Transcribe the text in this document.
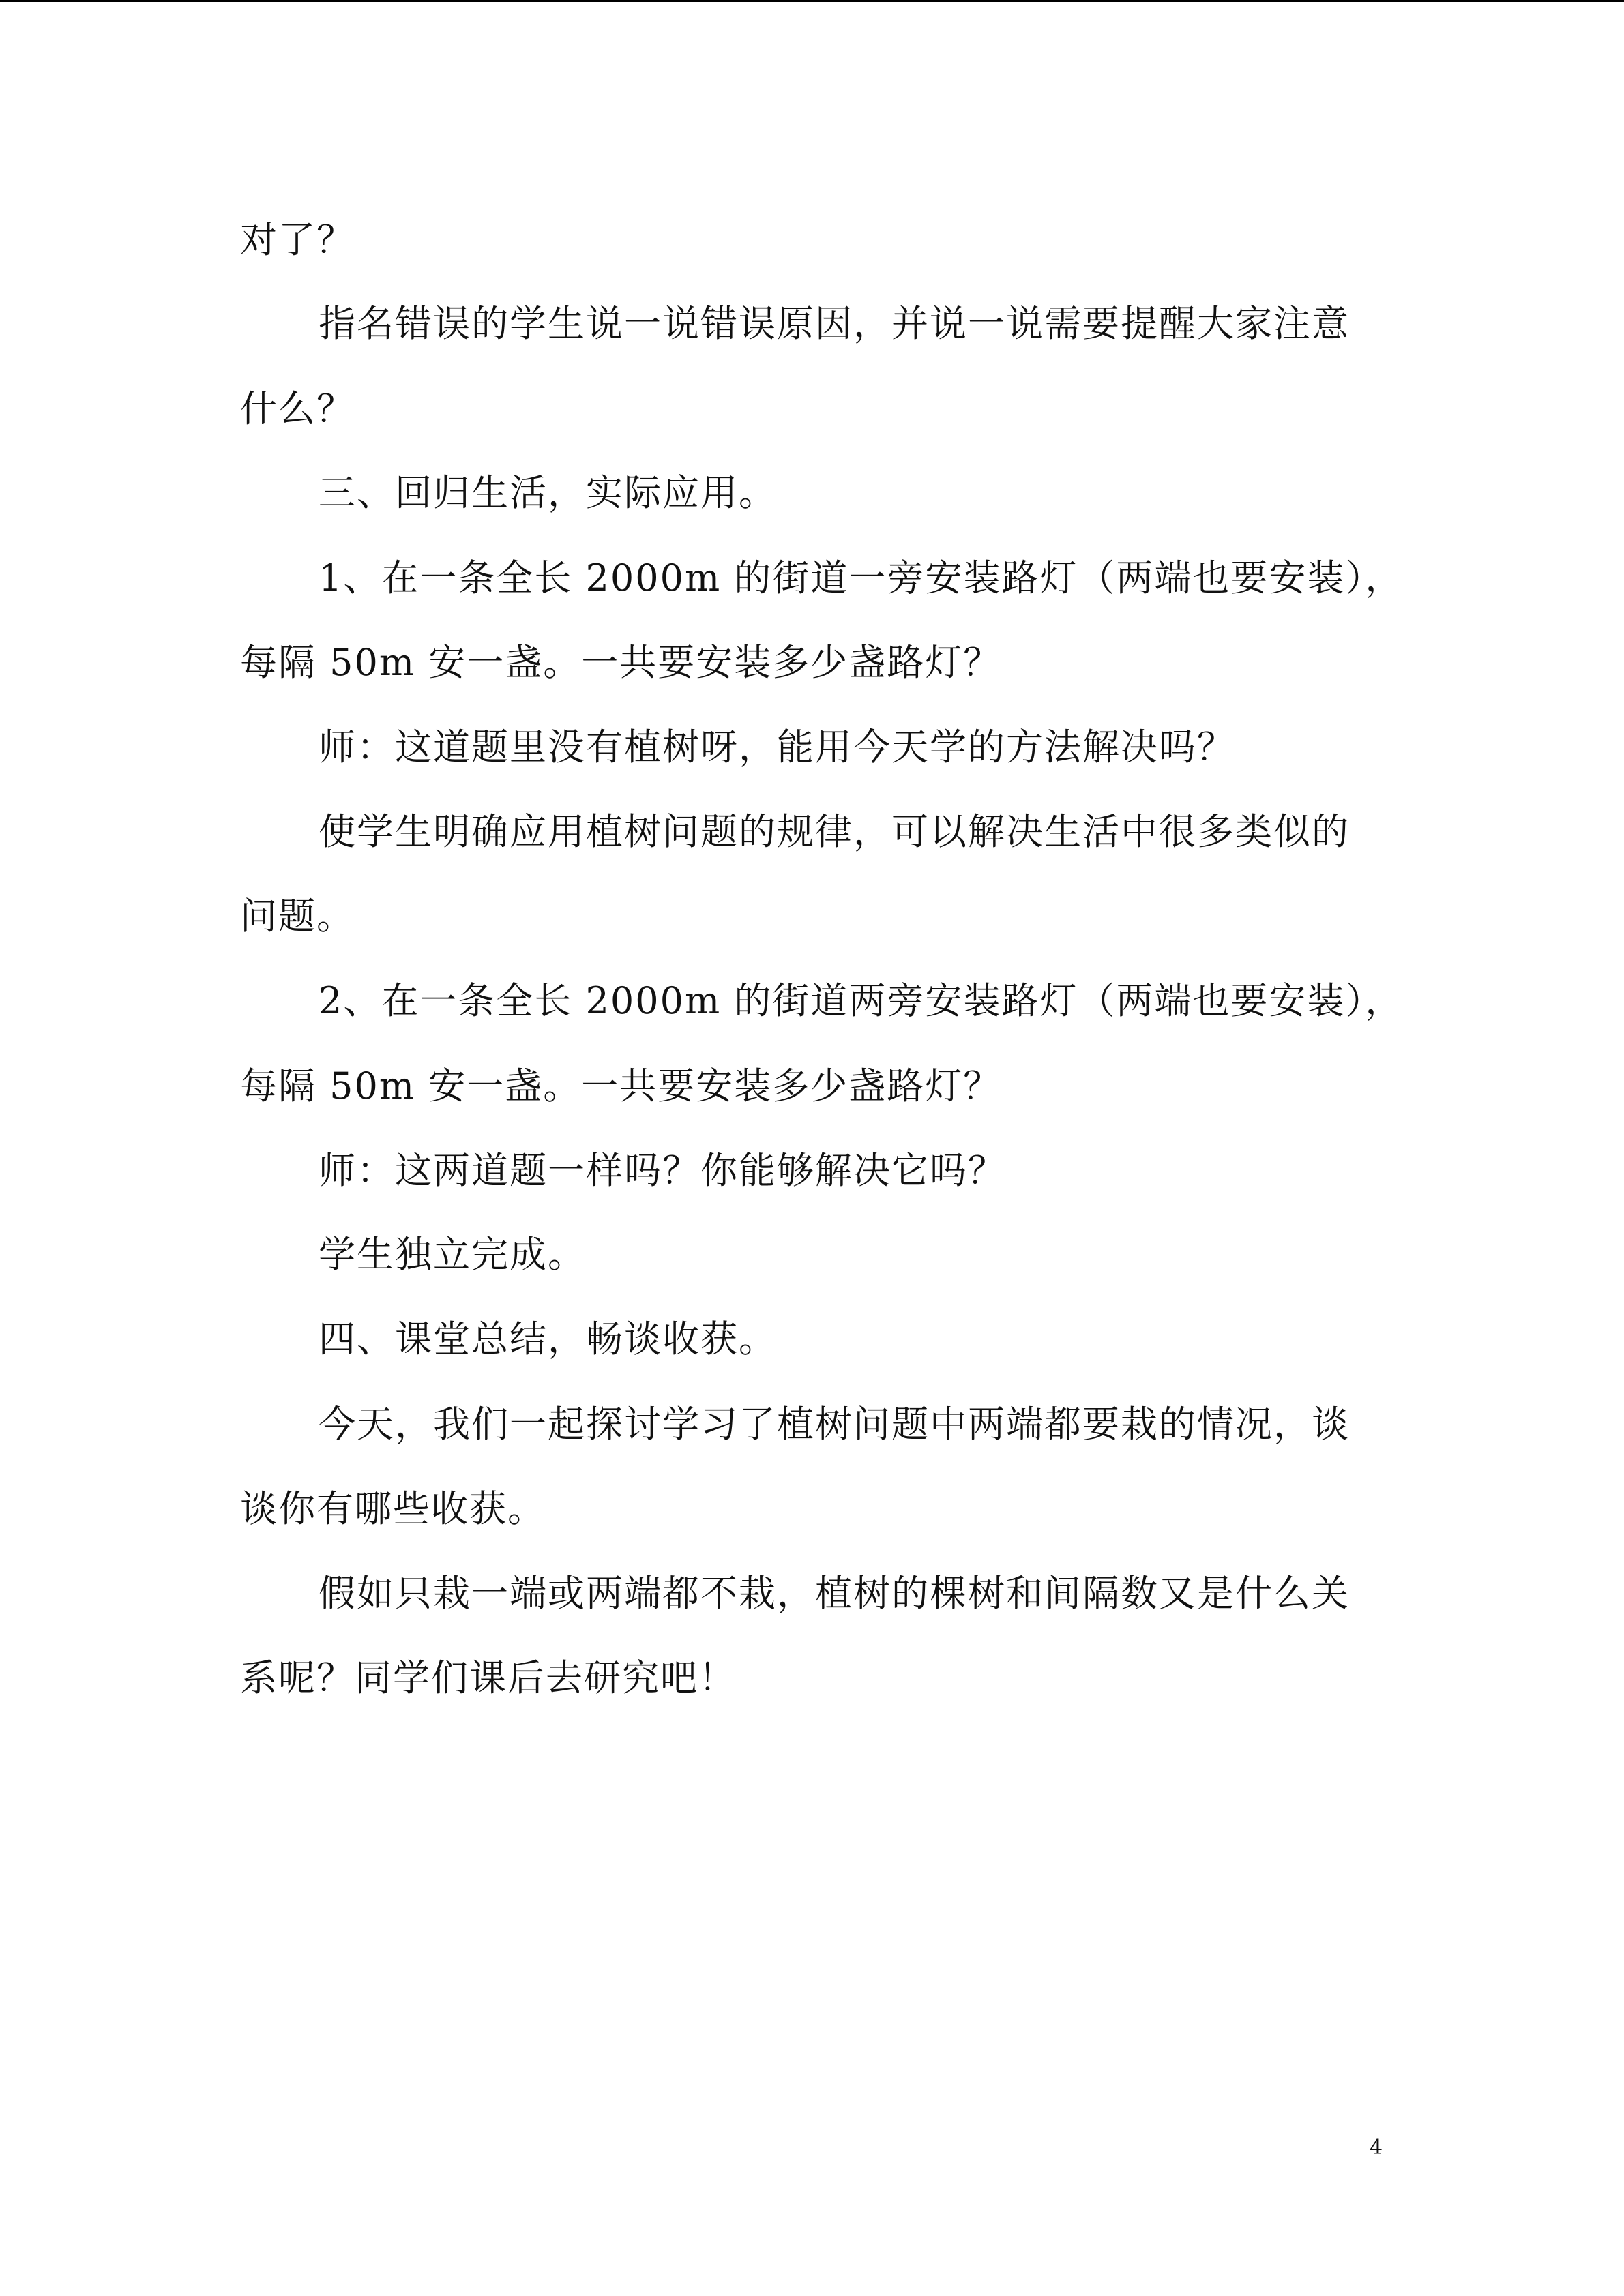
对了？
指名错误的学生说一说错误原因，并说一说需要提醒大家注意
什么？
三、回归生活，实际应用。
1、在一条全长 2000m 的街道一旁安装路灯（两端也要安装），
每隔 50m 安一盏。一共要安装多少盏路灯？
师：这道题里没有植树呀，能用今天学的方法解决吗？
使学生明确应用植树问题的规律，可以解决生活中很多类似的
问题。
2、在一条全长 2000m 的街道两旁安装路灯（两端也要安装），
每隔 50m 安一盏。一共要安装多少盏路灯？
师：这两道题一样吗？你能够解决它吗？
学生独立完成。
四、课堂总结，畅谈收获。
今天，我们一起探讨学习了植树问题中两端都要栽的情况，谈
谈你有哪些收获。
假如只栽一端或两端都不栽，植树的棵树和间隔数又是什么关
系呢？同学们课后去研究吧！
4
